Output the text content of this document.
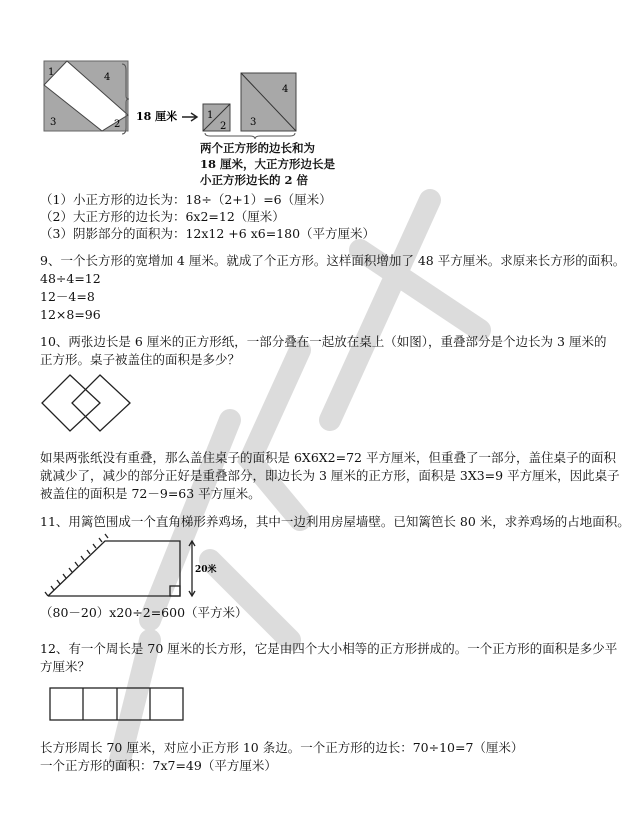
1	4
3	2
18 厘米	1
2 3
4
20米
两个正方形的边长和为
18 厘米，大正方形边长是
小正方形边长的 2 倍
（1）小正方形的边长为：18÷（2+1）=6（厘米）
（2）大正方形的边长为：6x2=12（厘米）
（3）阴影部分的面积为：12x12 +6 x6=180（平方厘米）
9、一个长方形的宽增加 4 厘米。就成了个正方形。这样面积增加了 48 平方厘米。求原来长方形的面积。
48÷4=12
12－4=8
12×8=96
10、两张边长是 6 厘米的正方形纸，一部分叠在一起放在桌上（如图），重叠部分是个边长为 3 厘米的
正方形。桌子被盖住的面积是多少？
如果两张纸没有重叠，那么盖住桌子的面积是 6X6X2=72 平方厘米，但重叠了一部分，盖住桌子的面积
就减少了，减少的部分正好是重叠部分，即边长为 3 厘米的正方形，面积是 3X3=9 平方厘米，因此桌子
被盖住的面积是 72－9=63 平方厘米。
11、用篱笆围成一个直角梯形养鸡场，其中一边利用房屋墙壁。已知篱笆长 80 米，求养鸡场的占地面积。
（80－20）x20÷2=600（平方米）
12、有一个周长是 70 厘米的长方形，它是由四个大小相等的正方形拼成的。一个正方形的面积是多少平
方厘米？
长方形周长 70 厘米，对应小正方形 10 条边。一个正方形的边长：70÷10=7（厘米）
一个正方形的面积：7x7=49（平方厘米）
